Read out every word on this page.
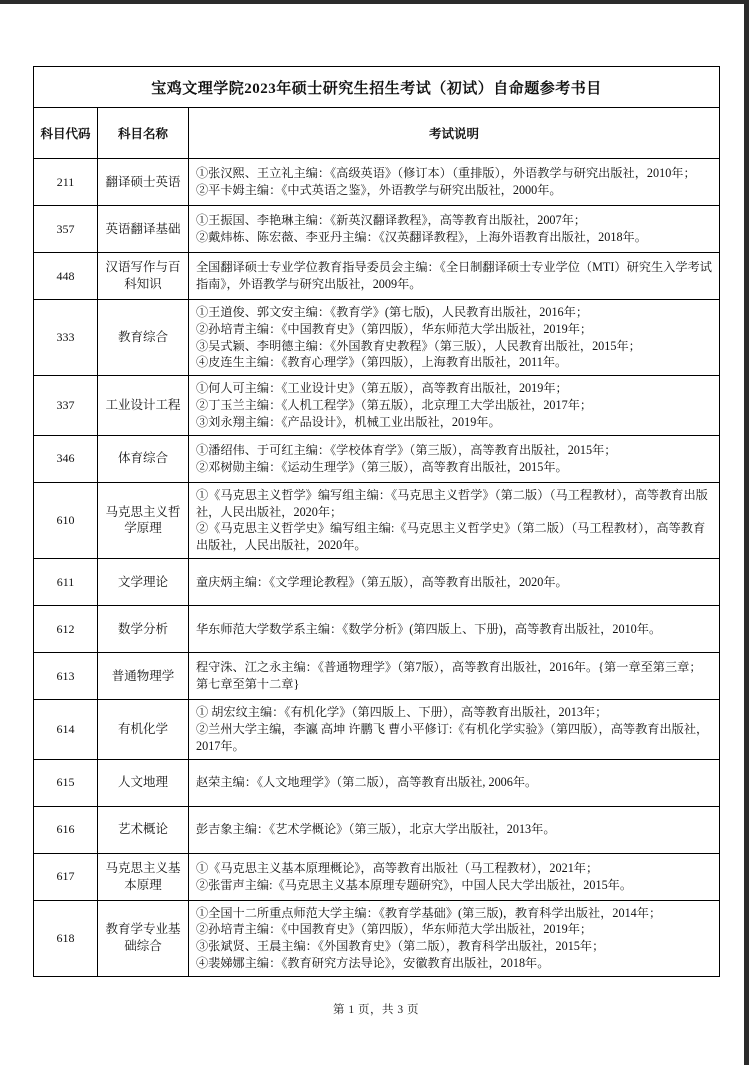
宝鸡文理学院2023年硕士研究生招生考试（初试）自命题参考书目		
科目代码	科目名称	考试说明
211	翻译硕士英语	①张汉熙、王立礼主编：《高级英语》（修订本）（重排版），外语教学与研究出版社，2010年；
②平卡姆主编：《中式英语之鉴》，外语教学与研究出版社，2000年。

357	英语翻译基础	①王振国、李艳琳主编：《新英汉翻译教程》，高等教育出版社，2007年；
②戴炜栋、陈宏薇、李亚丹主编：《汉英翻译教程》，上海外语教育出版社，2018年。

448	汉语写作与百科知识	全国翻译硕士专业学位教育指导委员会主编：《全日制翻译硕士专业学位（MTI）研究生入学考试指南》，外语教学与研究出版社，2009年。

333	教育综合	①王道俊、郭文安主编：《教育学》(第七版)，人民教育出版社，2016年；
②孙培青主编：《中国教育史》（第四版），华东师范大学出版社，2019年；
③吴式颖、李明德主编：《外国教育史教程》（第三版），人民教育出版社，2015年；
④皮连生主编：《教育心理学》（第四版），上海教育出版社，2011年。

337	工业设计工程	①何人可主编：《工业设计史》（第五版），高等教育出版社，2019年；
②丁玉兰主编：《人机工程学》（第五版），北京理工大学出版社，2017年；
③刘永翔主编：《产品设计》，机械工业出版社，2019年。

346	体育综合	①潘绍伟、于可红主编：《学校体育学》（第三版），高等教育出版社，2015年；
②邓树勋主编：《运动生理学》（第三版），高等教育出版社，2015年。

610	马克思主义哲学原理	①《马克思主义哲学》编写组主编：《马克思主义哲学》（第二版）（马工程教材），高等教育出版社，人民出版社，2020年；
②《马克思主义哲学史》编写组主编:《马克思主义哲学史》（第二版）（马工程教材），高等教育出版社，人民出版社，2020年。

611	文学理论	童庆炳主编：《文学理论教程》（第五版），高等教育出版社，2020年。

612	数学分析	华东师范大学数学系主编：《数学分析》(第四版上、下册)，高等教育出版社，2010年。

613	普通物理学	程守洙、江之永主编：《普通物理学》（第7版），高等教育出版社，2016年。{第一章至第三章；第七章至第十二章}

614	有机化学	① 胡宏纹主编：《有机化学》（第四版上、下册），高等教育出版社，2013年；
②兰州大学主编，李瀛 高坤 许鹏飞 曹小平修订:《有机化学实验》（第四版），高等教育出版社，2017年。

615	人文地理	赵荣主编：《人文地理学》（第二版），高等教育出版社, 2006年。

616	艺术概论	彭吉象主编：《艺术学概论》（第三版），北京大学出版社，2013年。

617	马克思主义基本原理	①《马克思主义基本原理概论》，高等教育出版社（马工程教材），2021年；
②张雷声主编:《马克思主义基本原理专题研究》，中国人民大学出版社，2015年。

618	教育学专业基础综合	①全国十二所重点师范大学主编：《教育学基础》(第三版)，教育科学出版社，2014年；
②孙培青主编：《中国教育史》（第四版），华东师范大学出版社，2019年；
③张斌贤、王晨主编：《外国教育史》（第二版），教育科学出版社，2015年；
④裴娣娜主编：《教育研究方法导论》，安徽教育出版社，2018年。
第 1 页，共 3 页
